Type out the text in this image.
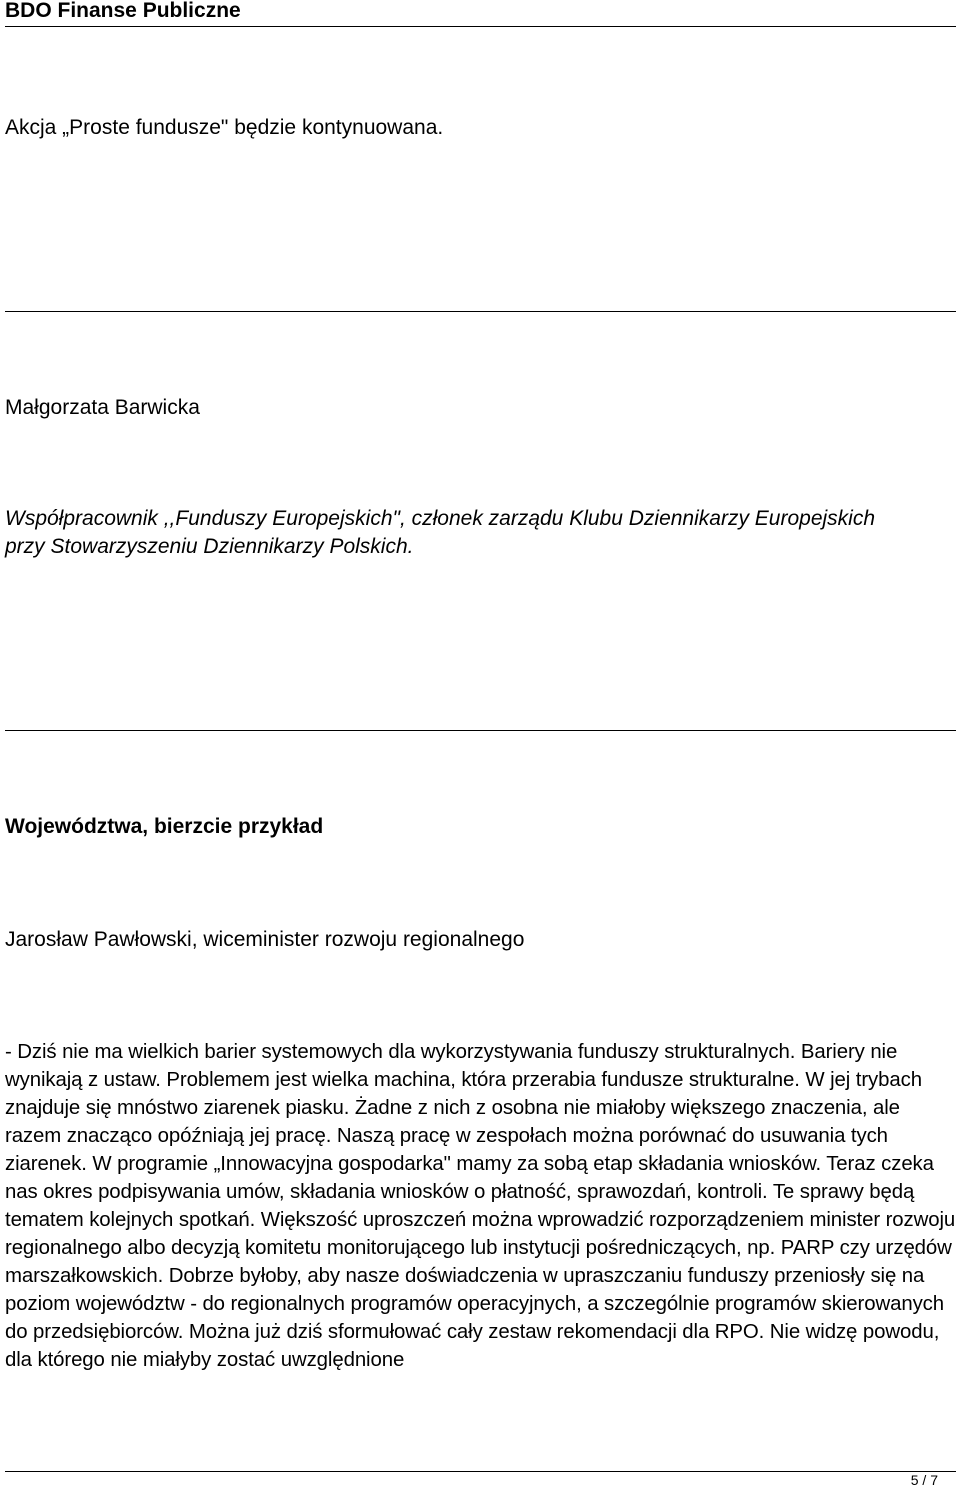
BDO Finanse Publiczne

Akcja „Proste fundusze" będzie kontynuowana.

Małgorzata Barwicka

Współpracownik ,,Funduszy Europejskich", członek zarządu Klubu Dziennikarzy Europejskich

przy Stowarzyszeniu Dziennikarzy Polskich.

Województwa, bierzcie przykład

Jarosław Pawłowski, wiceminister rozwoju regionalnego

- Dziś nie ma wielkich barier systemowych dla wykorzystywania funduszy strukturalnych. Bariery nie wynikają z ustaw. Problemem jest wielka machina, która przerabia fundusze strukturalne. W jej trybach znajduje się mnóstwo ziarenek piasku. Żadne z nich z osobna nie miałoby większego znaczenia, ale razem znacząco opóźniają jej pracę. Naszą pracę w zespołach można porównać do usuwania tych ziarenek. W programie „Innowacyjna gospodarka" mamy za sobą etap składania wniosków. Teraz czeka nas okres podpisywania umów, składania wniosków o płatność, sprawozdań, kontroli. Te sprawy będą tematem kolejnych spotkań. Większość uproszczeń można wprowadzić rozporządzeniem minister rozwoju regionalnego albo decyzją komitetu monitorującego lub instytucji pośredniczących, np. PARP czy urzędów marszałkowskich. Dobrze byłoby, aby nasze doświadczenia w upraszczaniu funduszy przeniosły się na poziom województw - do regionalnych programów operacyjnych, a szczególnie programów skierowanych do przedsiębiorców. Można już dziś sformułować cały zestaw rekomendacji dla RPO. Nie widzę powodu, dla którego nie miałyby zostać uwzględnione

5 / 7
